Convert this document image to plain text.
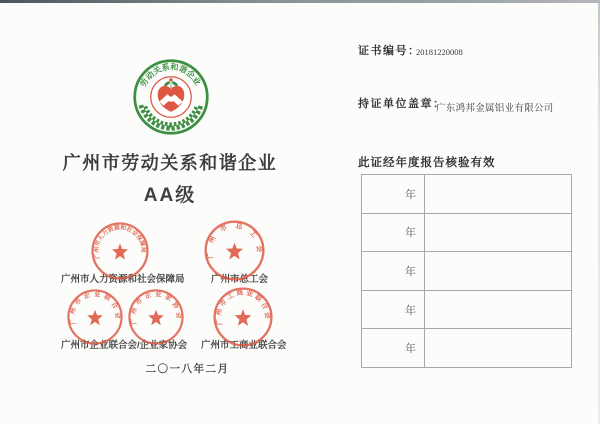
劳动关系和谐企业
广州市劳动关系和谐企业
AA级
广州市人力资源和社会保障局	广州市总工会
广州市企业联合会/企业家协会 广州市工商业联合会
广州市人力资源和社会保障局
广州市总工会
广州市企业联合会
广州市企业家协会
广州市工商业联合会
二〇一八年二月
证书编号：
20181220008
持证单位盖章：
广东鸿邦金属铝业有限公司
此证经年度报告核验有效
年	
年	
年	
年	
年	
